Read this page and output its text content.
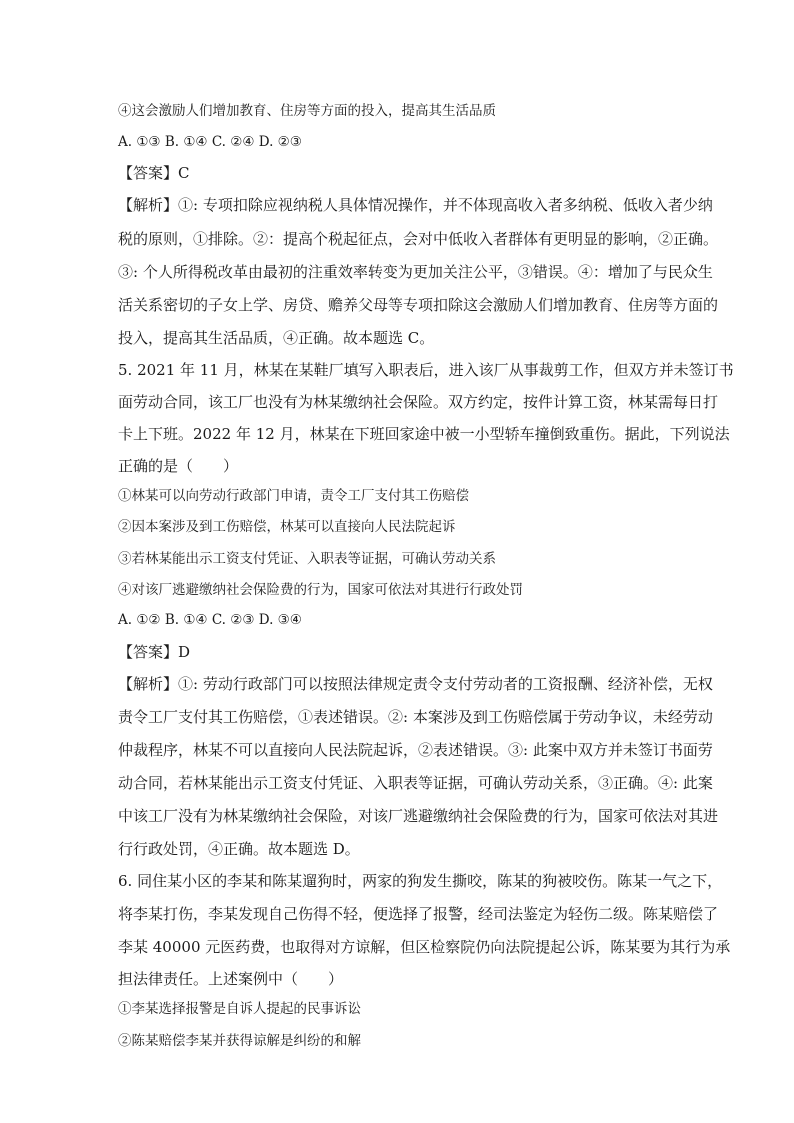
④这会激励人们增加教育、住房等方面的投入，提高其生活品质
A. ①③ B. ①④ C. ②④ D. ②③
【答案】C
【解析】①: 专项扣除应视纳税人具体情况操作，并不体现高收入者多纳税、低收入者少纳
税的原则，①排除。②：提高个税起征点，会对中低收入者群体有更明显的影响，②正确。
③: 个人所得税改革由最初的注重效率转变为更加关注公平，③错误。④：增加了与民众生
活关系密切的子女上学、房贷、赡养父母等专项扣除这会激励人们增加教育、住房等方面的
投入，提高其生活品质，④正确。故本题选 C。
5. 2021 年 11 月，林某在某鞋厂填写入职表后，进入该厂从事裁剪工作，但双方并未签订书
面劳动合同，该工厂也没有为林某缴纳社会保险。双方约定，按件计算工资，林某需每日打
卡上下班。2022 年 12 月，林某在下班回家途中被一小型轿车撞倒致重伤。据此，下列说法
正确的是（　　）
①林某可以向劳动行政部门申请，责令工厂支付其工伤赔偿
②因本案涉及到工伤赔偿，林某可以直接向人民法院起诉
③若林某能出示工资支付凭证、入职表等证据，可确认劳动关系
④对该厂逃避缴纳社会保险费的行为，国家可依法对其进行行政处罚
A. ①② B. ①④ C. ②③ D. ③④
【答案】D
【解析】①: 劳动行政部门可以按照法律规定责令支付劳动者的工资报酬、经济补偿，无权
责令工厂支付其工伤赔偿，①表述错误。②: 本案涉及到工伤赔偿属于劳动争议，未经劳动
仲裁程序，林某不可以直接向人民法院起诉，②表述错误。③: 此案中双方并未签订书面劳
动合同，若林某能出示工资支付凭证、入职表等证据，可确认劳动关系，③正确。④: 此案
中该工厂没有为林某缴纳社会保险，对该厂逃避缴纳社会保险费的行为，国家可依法对其进
行行政处罚，④正确。故本题选 D。
6. 同住某小区的李某和陈某遛狗时，两家的狗发生撕咬，陈某的狗被咬伤。陈某一气之下，
将李某打伤，李某发现自己伤得不轻，便选择了报警，经司法鉴定为轻伤二级。陈某赔偿了
李某 40000 元医药费，也取得对方谅解，但区检察院仍向法院提起公诉，陈某要为其行为承
担法律责任。上述案例中（　　）
①李某选择报警是自诉人提起的民事诉讼
②陈某赔偿李某并获得谅解是纠纷的和解
